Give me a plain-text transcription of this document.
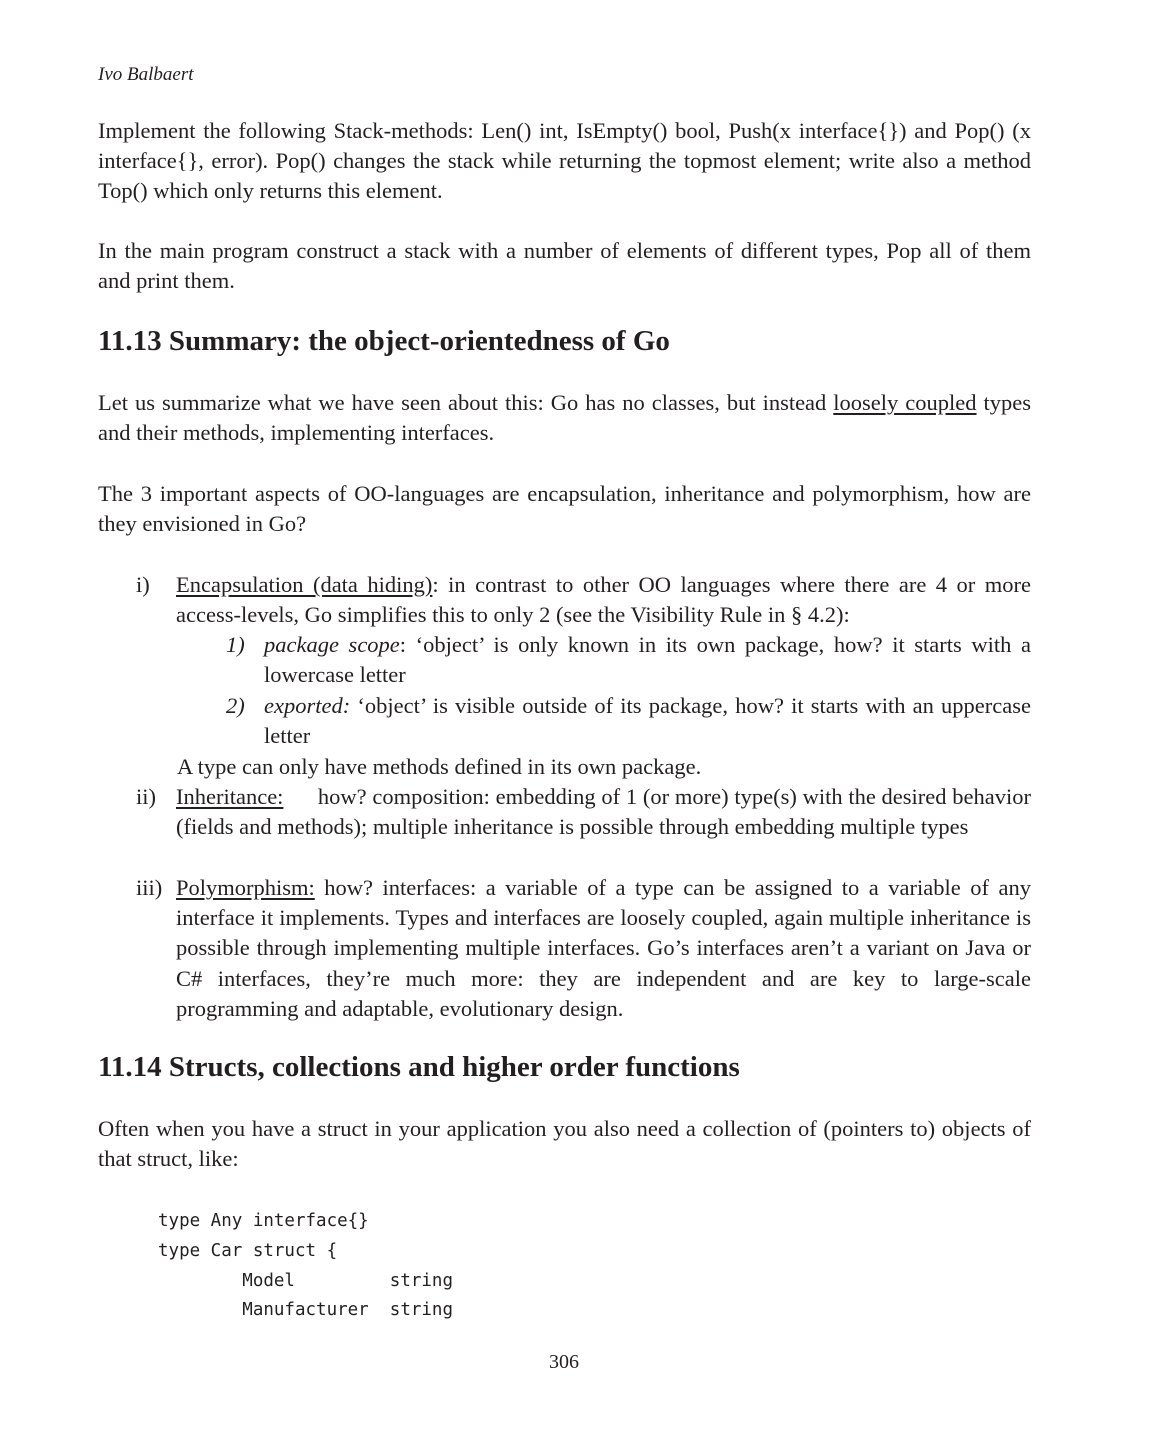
Ivo Balbaert
Implement the following Stack-methods: Len() int, IsEmpty() bool, Push(x interface{}) and Pop() (x interface{}, error). Pop() changes the stack while returning the topmost element; write also a method Top() which only returns this element.
In the main program construct a stack with a number of elements of different types, Pop all of them and print them.
11.13 Summary: the object-orientedness of Go
Let us summarize what we have seen about this: Go has no classes, but instead loosely coupled types and their methods, implementing interfaces.
The 3 important aspects of OO-languages are encapsulation, inheritance and polymorphism, how are they envisioned in Go?
i) Encapsulation (data hiding): in contrast to other OO languages where there are 4 or more access-levels, Go simplifies this to only 2 (see the Visibility Rule in § 4.2):
1) package scope: ‘object’ is only known in its own package, how? it starts with a lowercase letter
2) exported: ‘object’ is visible outside of its package, how? it starts with an uppercase letter
A type can only have methods defined in its own package.
ii) Inheritance:      how? composition: embedding of 1 (or more) type(s) with the desired behavior (fields and methods); multiple inheritance is possible through embedding multiple types
iii) Polymorphism: how? interfaces: a variable of a type can be assigned to a variable of any interface it implements. Types and interfaces are loosely coupled, again multiple inheritance is possible through implementing multiple interfaces. Go’s interfaces aren’t a variant on Java or C# interfaces, they’re much more: they are independent and are key to large-scale programming and adaptable, evolutionary design.
11.14 Structs, collections and higher order functions
Often when you have a struct in your application you also need a collection of (pointers to) objects of that struct, like:
type Any interface{}
type Car struct {
Model         string
Manufacturer  string
306
